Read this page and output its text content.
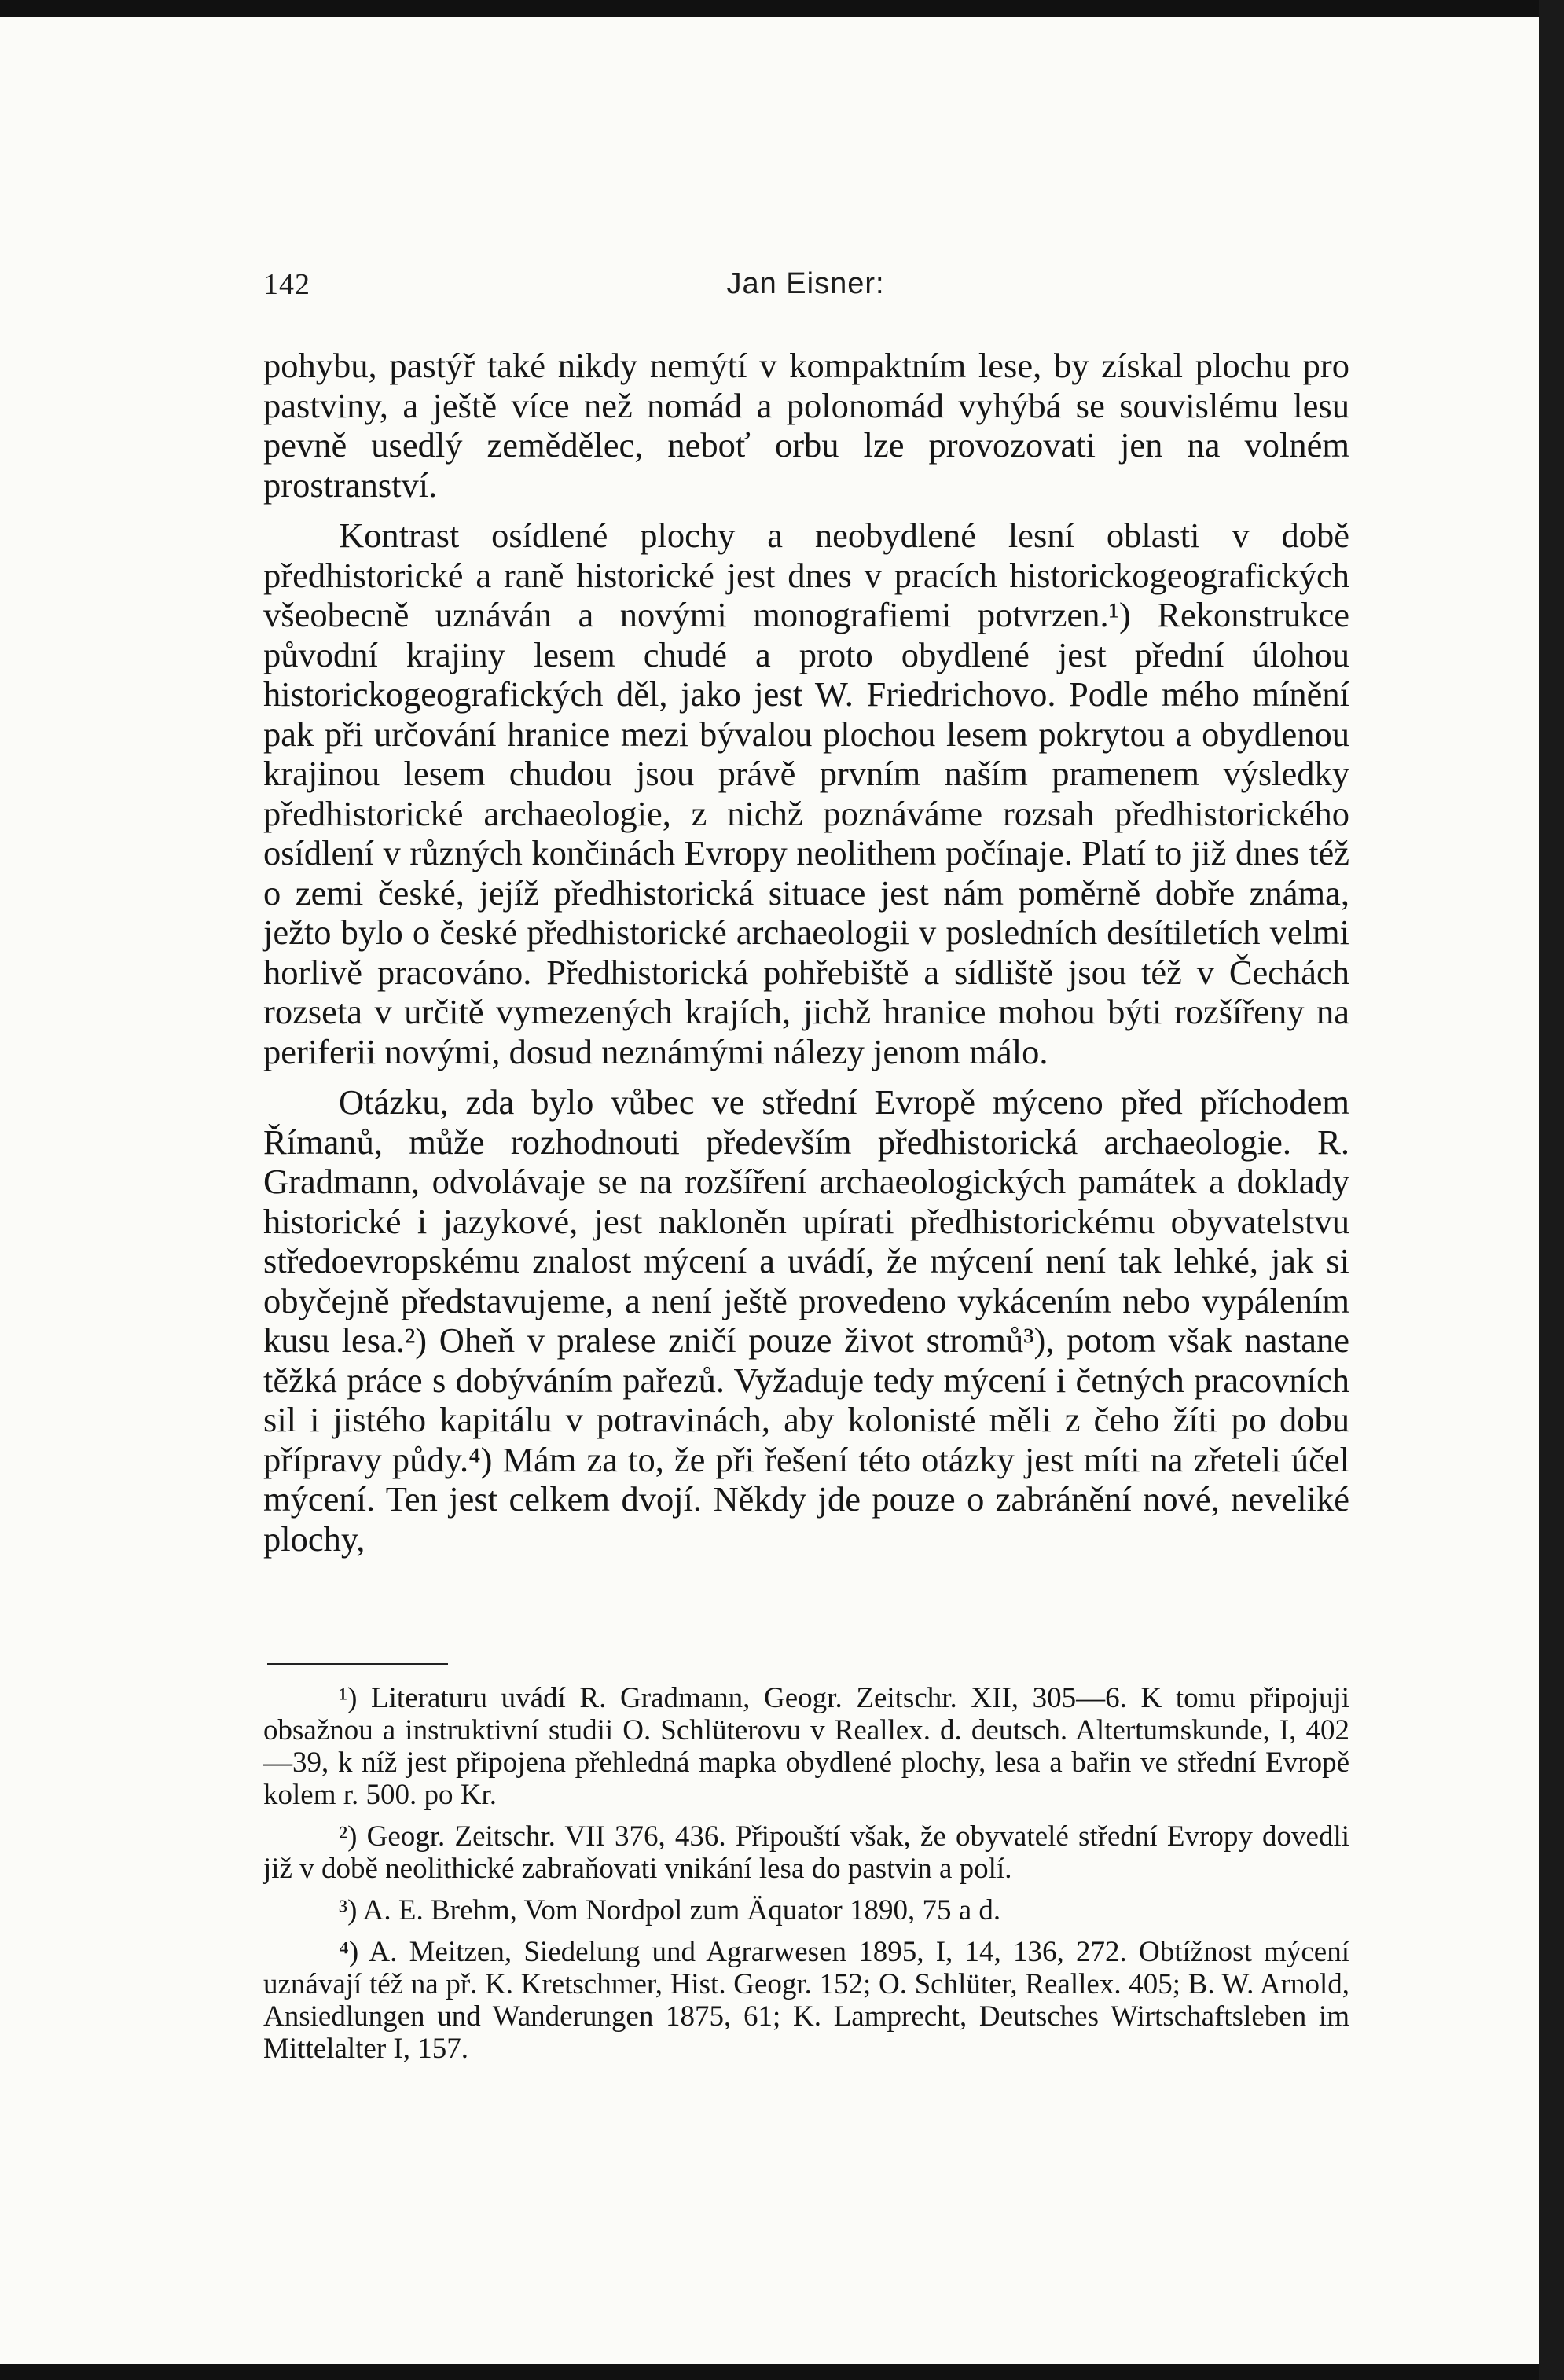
142	Jan Eisner:

pohybu, pastýř také nikdy nemýtí v kompaktním lese, by získal plochu pro pastviny, a ještě více než nomád a polonomád vyhýbá se souvislému lesu pevně usedlý zemědělec, neboť orbu lze provozovati jen na volném prostranství.

Kontrast osídlené plochy a neobydlené lesní oblasti v době předhistorické a raně historické jest dnes v pracích historickogeografických všeobecně uznáván a novými monografiemi potvrzen.¹) Rekonstrukce původní krajiny lesem chudé a proto obydlené jest přední úlohou historickogeografických děl, jako jest W. Friedrichovo. Podle mého mínění pak při určování hranice mezi bývalou plochou lesem pokrytou a obydlenou krajinou lesem chudou jsou právě prvním naším pramenem výsledky předhistorické archaeologie, z nichž poznáváme rozsah předhistorického osídlení v různých končinách Evropy neolithem počínaje. Platí to již dnes též o zemi české, jejíž předhistorická situace jest nám poměrně dobře známa, ježto bylo o české předhistorické archaeologii v posledních desítiletích velmi horlivě pracováno. Předhistorická pohřebiště a sídliště jsou též v Čechách rozseta v určitě vymezených krajích, jichž hranice mohou býti rozšířeny na periferii novými, dosud neznámými nálezy jenom málo.

Otázku, zda bylo vůbec ve střední Evropě mýceno před příchodem Římanů, může rozhodnouti především předhistorická archaeologie. R. Gradmann, odvolávaje se na rozšíření archaeologických památek a doklady historické i jazykové, jest nakloněn upírati předhistorickému obyvatelstvu středoevropskému znalost mýcení a uvádí, že mýcení není tak lehké, jak si obyčejně představujeme, a není ještě provedeno vykácením nebo vypálením kusu lesa.²) Oheň v pralese zničí pouze život stromů³), potom však nastane těžká práce s dobýváním pařezů. Vyžaduje tedy mýcení i četných pracovních sil i jistého kapitálu v potravinách, aby kolonisté měli z čeho žíti po dobu přípravy půdy.⁴) Mám za to, že při řešení této otázky jest míti na zřeteli účel mýcení. Ten jest celkem dvojí. Někdy jde pouze o zabránění nové, neveliké plochy,

¹) Literaturu uvádí R. Gradmann, Geogr. Zeitschr. XII, 305—6. K tomu připojuji obsažnou a instruktivní studii O. Schlüterovu v Reallex. d. deutsch. Altertumskunde, I, 402—39, k níž jest připojena přehledná mapka obydlené plochy, lesa a bařin ve střední Evropě kolem r. 500. po Kr.

²) Geogr. Zeitschr. VII 376, 436. Připouští však, že obyvatelé střední Evropy dovedli již v době neolithické zabraňovati vnikání lesa do pastvin a polí.

³) A. E. Brehm, Vom Nordpol zum Äquator 1890, 75 a d.

⁴) A. Meitzen, Siedelung und Agrarwesen 1895, I, 14, 136, 272. Obtížnost mýcení uznávají též na př. K. Kretschmer, Hist. Geogr. 152; O. Schlüter, Reallex. 405; B. W. Arnold, Ansiedlungen und Wanderungen 1875, 61; K. Lamprecht, Deutsches Wirtschaftsleben im Mittelalter I, 157.
